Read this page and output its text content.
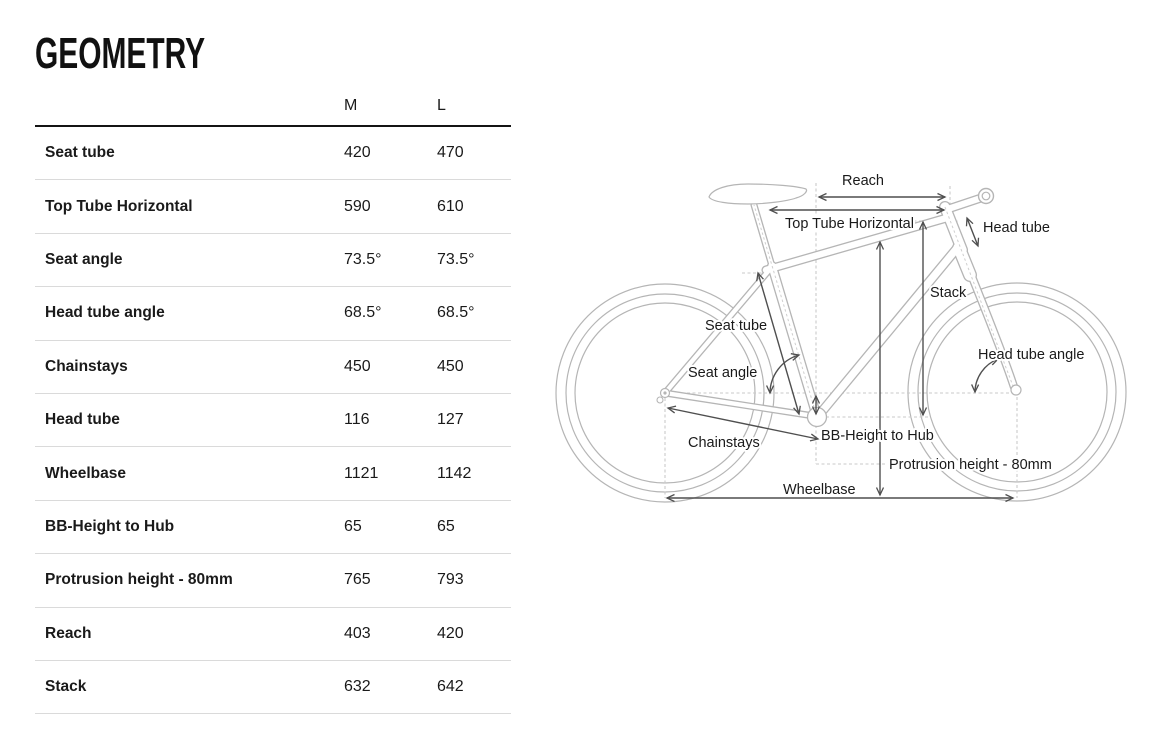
GEOMETRY
M	L
Seat tube	420	470
Top Tube Horizontal	590	610
Seat angle	73.5°	73.5°
Head tube angle	68.5°	68.5°
Chainstays	450	450
Head tube	116	127
Wheelbase	1121	1142
BB-Height to Hub	65	65
Protrusion height - 80mm	765	793
Reach	403	420
Stack	632	642
Reach
Top Tube Horizontal	Head tube
Stack
Seat tube
Head tube angle
Seat angle
Chainstays	BB-Height to Hub
Protrusion height - 80mm
Wheelbase
